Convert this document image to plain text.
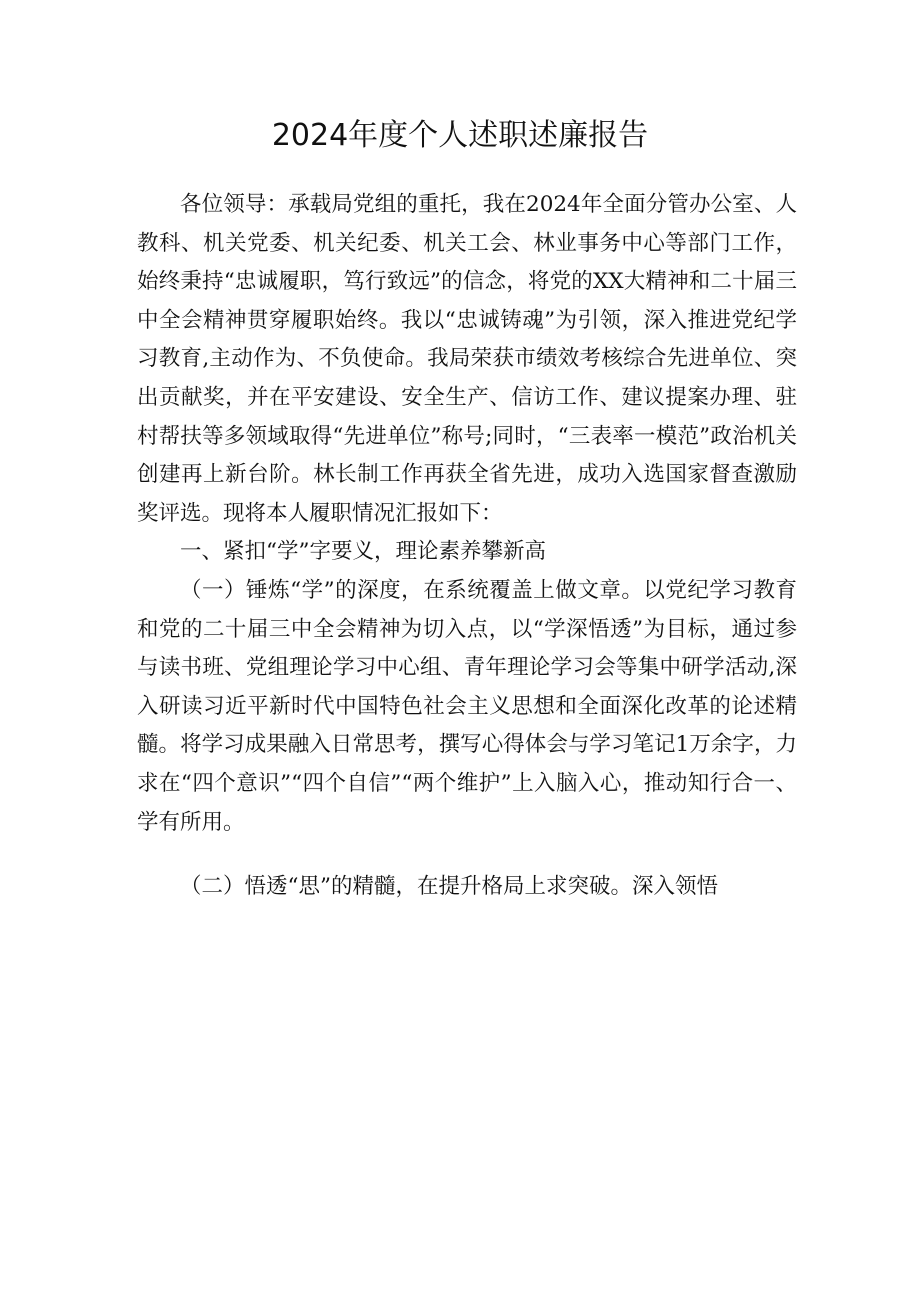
2024年度个人述职述廉报告

各位领导：承载局党组的重托，我在2024年全面分管办公室、人教科、机关党委、机关纪委、机关工会、林业事务中心等部门工作，始终秉持“忠诚履职，笃行致远”的信念，将党的XX大精神和二十届三中全会精神贯穿履职始终。我以“忠诚铸魂”为引领，深入推进党纪学习教育,主动作为、不负使命。我局荣获市绩效考核综合先进单位、突出贡献奖，并在平安建设、安全生产、信访工作、建议提案办理、驻村帮扶等多领域取得“先进单位”称号;同时，“三表率一模范”政治机关创建再上新台阶。林长制工作再获全省先进，成功入选国家督查激励奖评选。现将本人履职情况汇报如下：

一、紧扣“学”字要义，理论素养攀新高

（一）锤炼“学”的深度，在系统覆盖上做文章。以党纪学习教育和党的二十届三中全会精神为切入点，以“学深悟透”为目标，通过参与读书班、党组理论学习中心组、青年理论学习会等集中研学活动,深入研读习近平新时代中国特色社会主义思想和全面深化改革的论述精髓。将学习成果融入日常思考，撰写心得体会与学习笔记1万余字，力求在“四个意识”“四个自信”“两个维护”上入脑入心，推动知行合一、学有所用。

（二）悟透“思”的精髓，在提升格局上求突破。深入领悟
